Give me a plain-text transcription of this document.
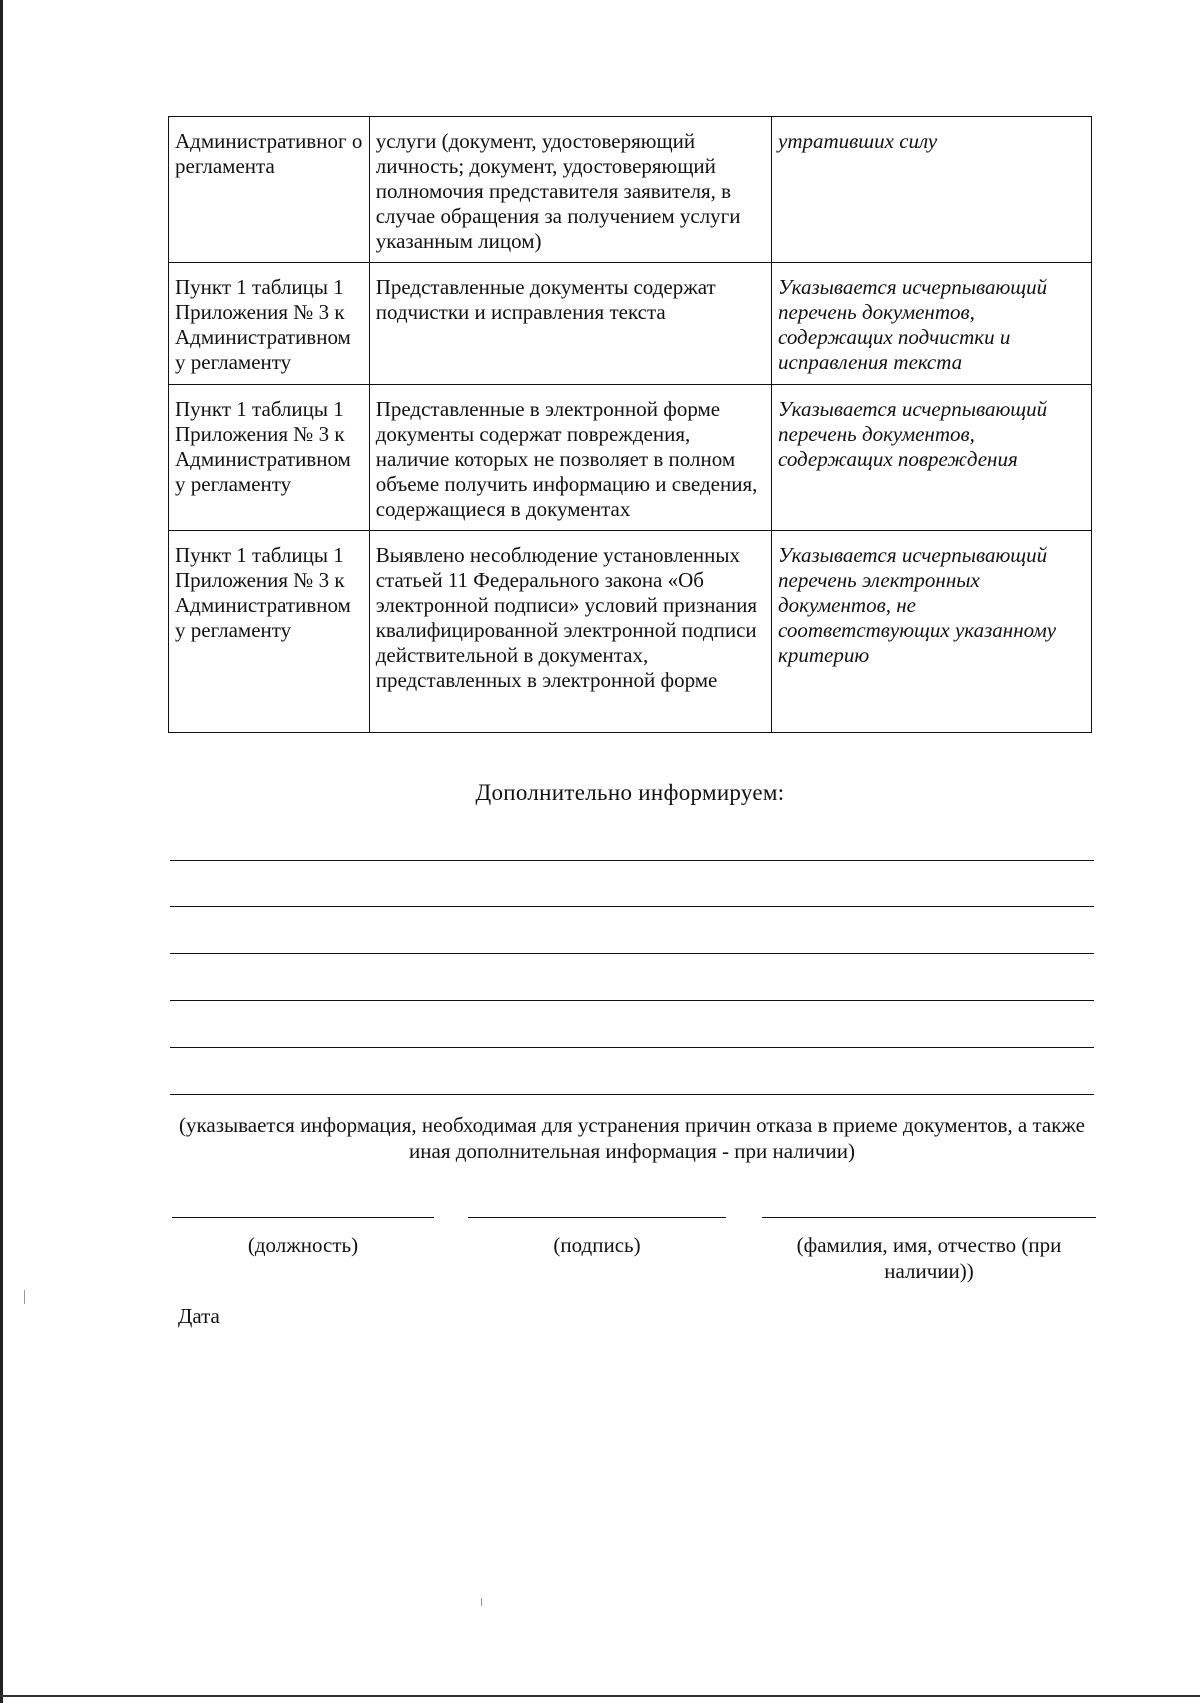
Административног о регламента	услуги (документ, удостоверяющий личность; документ, удостоверяющий полномочия представителя заявителя, в случае обращения за получением услуги указанным лицом)	утративших силу
Пункт 1 таблицы 1 Приложения № 3 к Административном у регламенту	Представленные документы содержат подчистки и исправления текста	Указывается исчерпывающий перечень документов, содержащих подчистки и исправления текста
Пункт 1 таблицы 1 Приложения № 3 к Административном у регламенту	Представленные в электронной форме документы содержат повреждения, наличие которых не позволяет в полном объеме получить информацию и сведения, содержащиеся в документах	Указывается исчерпывающий перечень документов, содержащих повреждения
Пункт 1 таблицы 1 Приложения № 3 к Административном у регламенту	Выявлено несоблюдение установленных статьей 11 Федерального закона «Об электронной подписи» условий признания квалифицированной электронной подписи действительной в документах, представленных в электронной форме	Указывается исчерпывающий перечень электронных документов, не соответствующих указанному критерию
Дополнительно информируем:
(указывается информация, необходимая для устранения причин отказа в приеме документов, а также иная дополнительная информация - при наличии)
(должность)	(подпись)	(фамилия, имя, отчество (при наличии))
Дата
